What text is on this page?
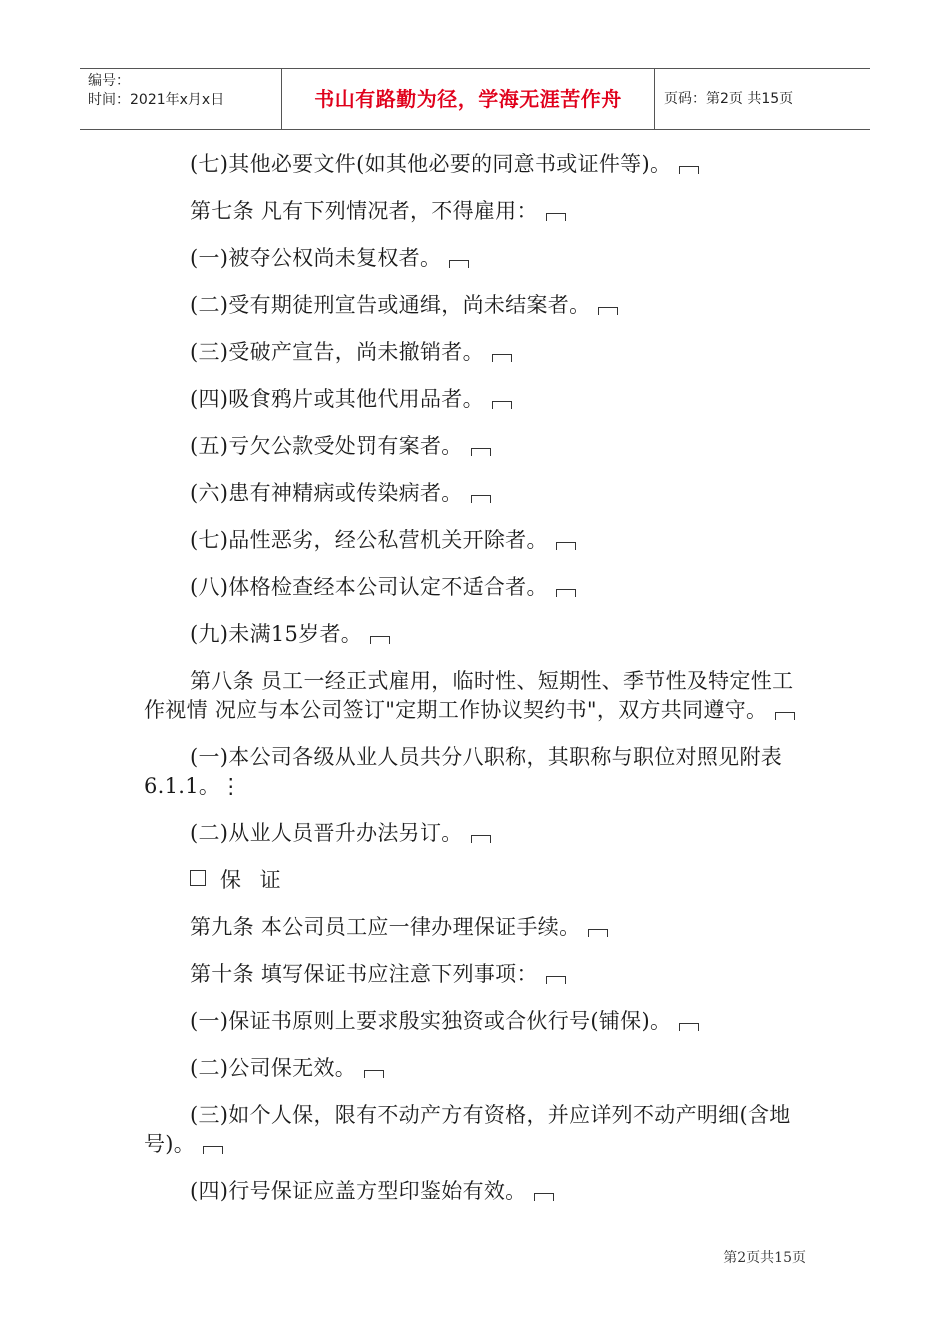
编号：
时间：2021年x月x日	书山有路勤为径，学海无涯苦作舟	页码：第2页 共15页

(七)其他必要文件(如其他必要的同意书或证件等)。

第七条 凡有下列情况者，不得雇用：

(一)被夺公权尚未复权者。

(二)受有期徒刑宣告或通缉，尚未结案者。

(三)受破产宣告，尚未撤销者。

(四)吸食鸦片或其他代用品者。

(五)亏欠公款受处罚有案者。

(六)患有神精病或传染病者。

(七)品性恶劣，经公私营机关开除者。

(八)体格检查经本公司认定不适合者。

(九)未满15岁者。

第八条 员工一经正式雇用，临时性、短期性、季节性及特定性工作视情 况应与本公司签订"定期工作协议契约书"，双方共同遵守。

(一)本公司各级从业人员共分八职称，其职称与职位对照见附表6.1.1。⋮

(二)从业人员晋升办法另订。

保 证

第九条 本公司员工应一律办理保证手续。

第十条 填写保证书应注意下列事项：

(一)保证书原则上要求殷实独资或合伙行号(铺保)。

(二)公司保无效。

(三)如个人保，限有不动产方有资格，并应详列不动产明细(含地号)。

(四)行号保证应盖方型印鉴始有效。

第2页共15页
